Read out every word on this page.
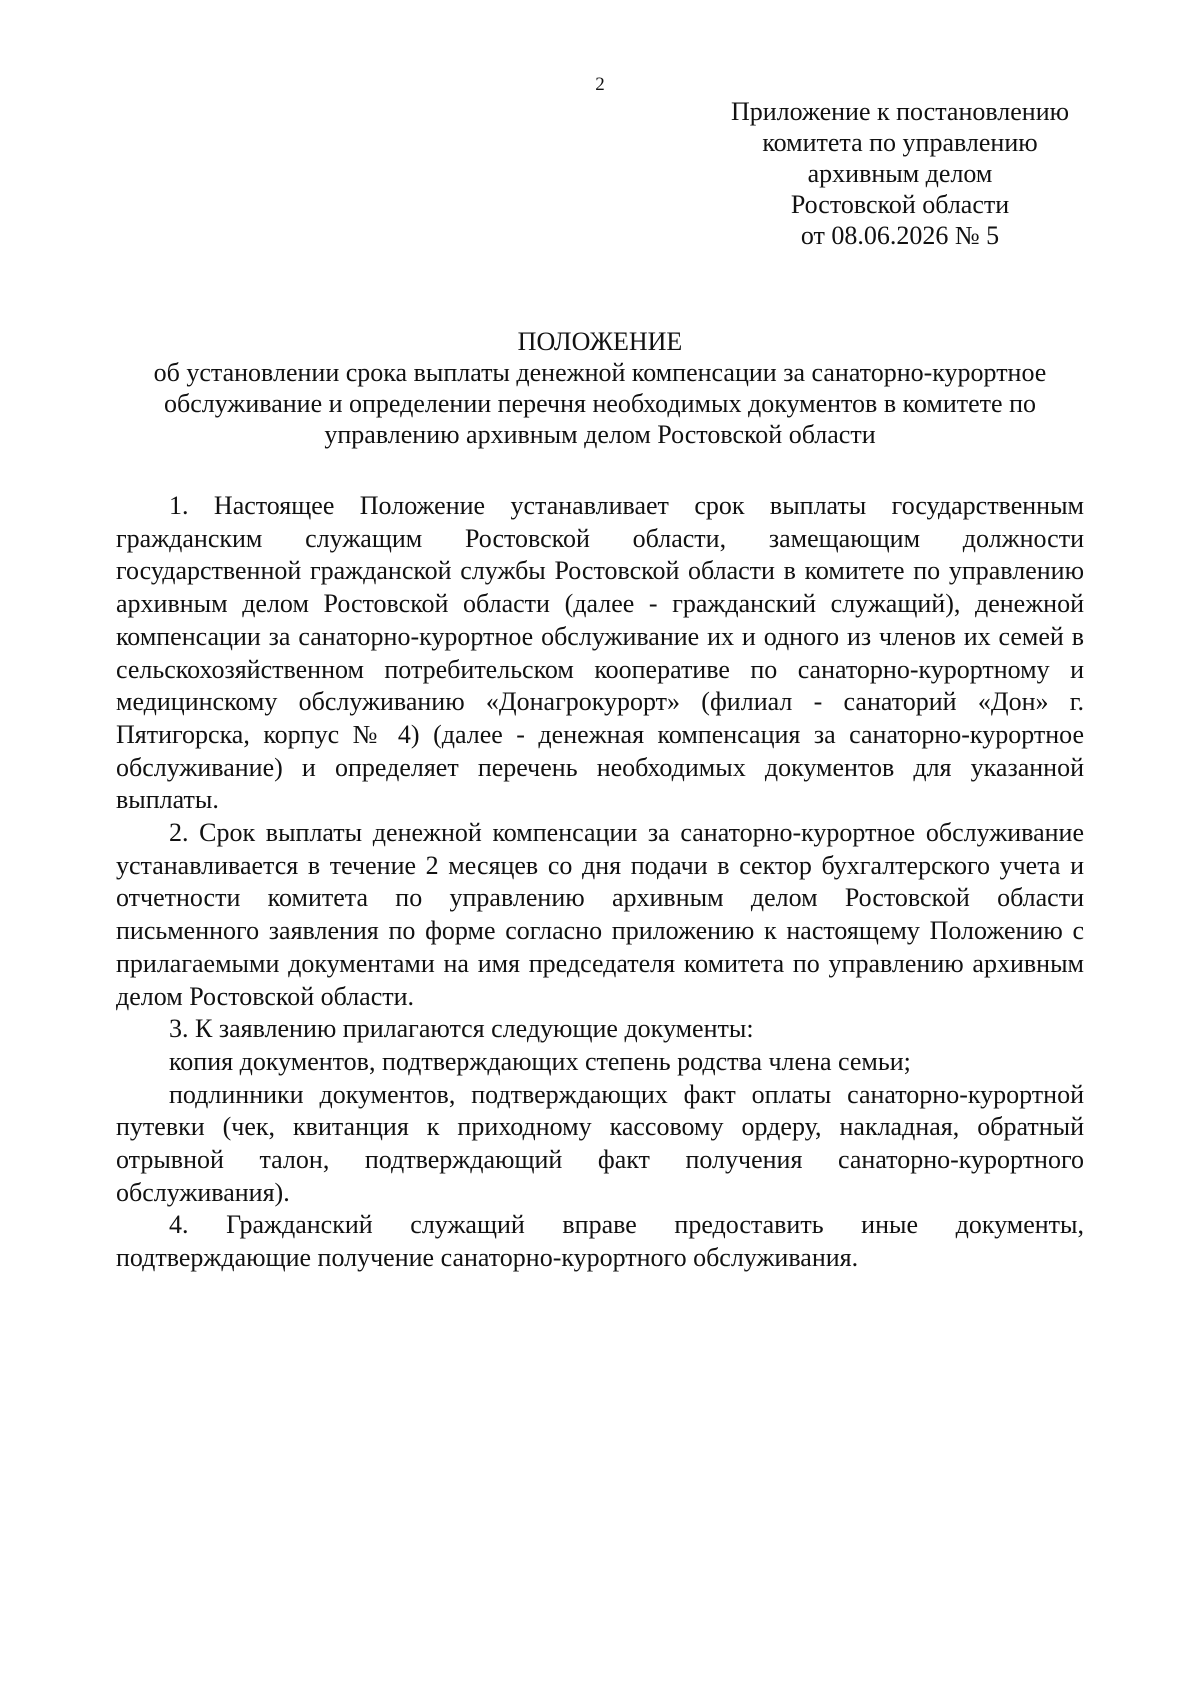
2
Приложение к постановлению
комитета по управлению
архивным делом
Ростовской области
от 08.06.2026 № 5
ПОЛОЖЕНИЕ
об установлении срока выплаты денежной компенсации за санаторно-курортное
обслуживание и определении перечня необходимых документов в комитете по
управлению архивным делом Ростовской области

1. Настоящее Положение устанавливает срок выплаты государственным гражданским служащим Ростовской области, замещающим должности государственной гражданской службы Ростовской области в комитете по управлению архивным делом Ростовской области (далее - гражданский служащий), денежной компенсации за санаторно-курортное обслуживание их и одного из членов их семей в сельскохозяйственном потребительском кооперативе по санаторно-курортному и медицинскому обслуживанию «Донагрокурорт» (филиал - санаторий «Дон» г. Пятигорска, корпус № 4) (далее - денежная компенсация за санаторно-курортное обслуживание) и определяет перечень необходимых документов для указанной выплаты.

2. Срок выплаты денежной компенсации за санаторно-курортное обслуживание устанавливается в течение 2 месяцев со дня подачи в сектор бухгалтерского учета и отчетности комитета по управлению архивным делом Ростовской области письменного заявления по форме согласно приложению к настоящему Положению с прилагаемыми документами на имя председателя комитета по управлению архивным делом Ростовской области.

3. К заявлению прилагаются следующие документы:

копия документов, подтверждающих степень родства члена семьи;

подлинники документов, подтверждающих факт оплаты санаторно-курортной путевки (чек, квитанция к приходному кассовому ордеру, накладная, обратный отрывной талон, подтверждающий факт получения санаторно-курортного обслуживания).

4. Гражданский служащий вправе предоставить иные документы, подтверждающие получение санаторно-курортного обслуживания.
